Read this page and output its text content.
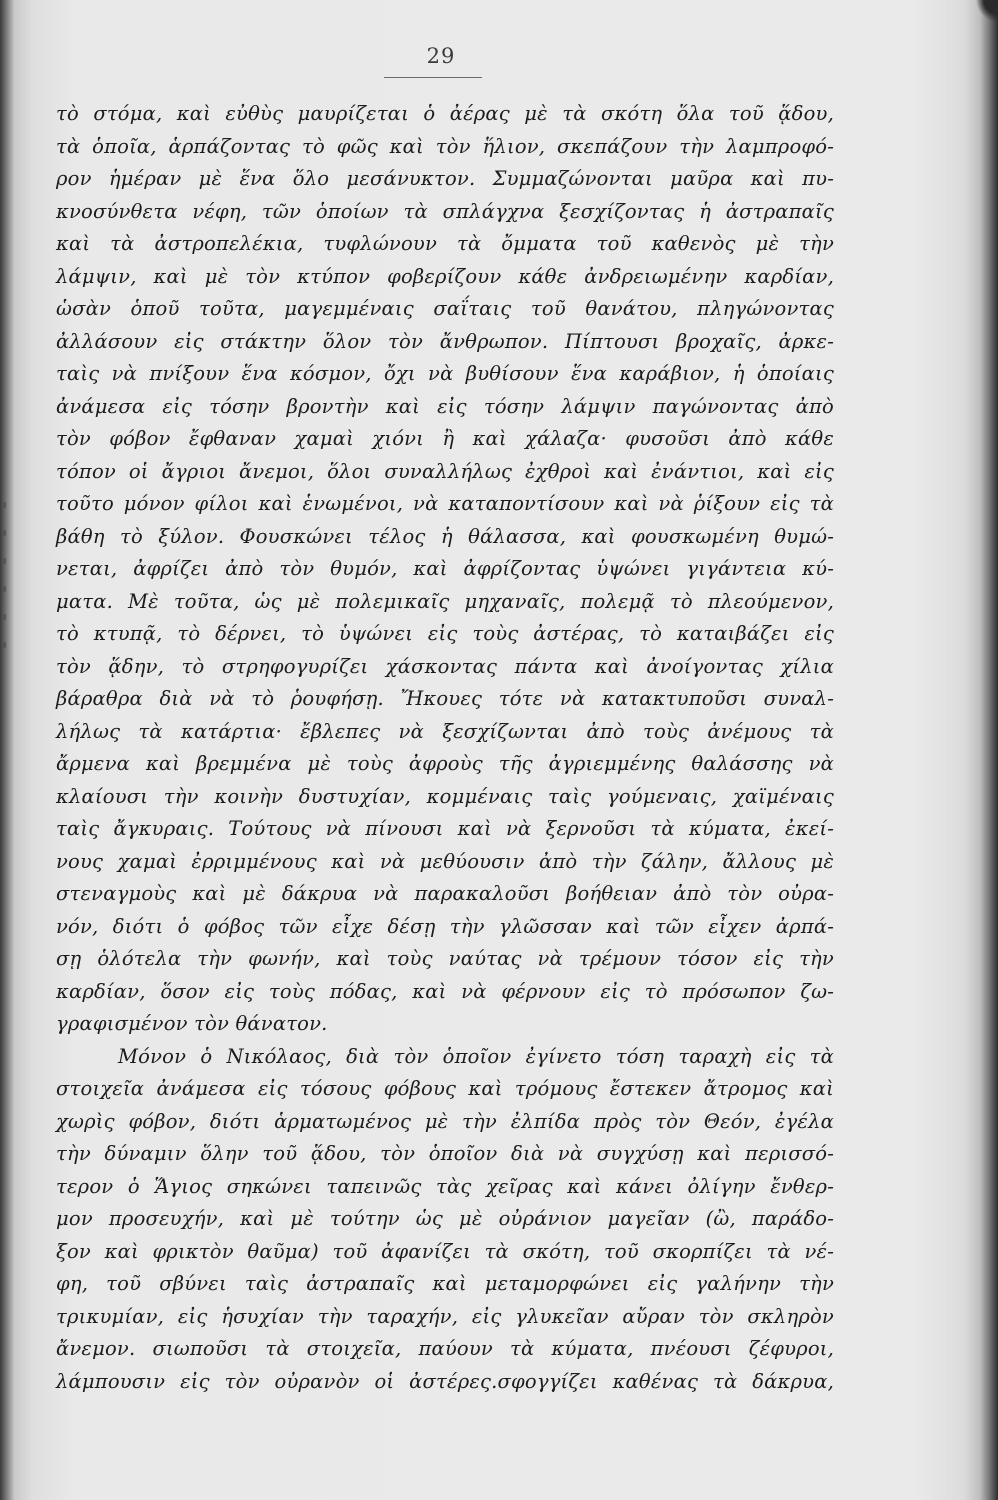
29
τὸ στόμα, καὶ εὐθὺς μαυρίζεται ὁ ἀέρας μὲ τὰ σκότη ὅλα τοῦ ᾅδου,
τὰ ὁποῖα, ἁρπάζοντας τὸ φῶς καὶ τὸν ἥλιον, σκεπάζουν τὴν λαμπροφό-
ρον ἡμέραν μὲ ἕνα ὅλο μεσάνυκτον. Συμμαζώνονται μαῦρα καὶ πυ-
κνοσύνθετα νέφη, τῶν ὁποίων τὰ σπλάγχνα ξεσχίζοντας ἡ ἀστραπαῖς
καὶ τὰ ἀστροπελέκια, τυφλώνουν τὰ ὄμματα τοῦ καθενὸς μὲ τὴν
λάμψιν, καὶ μὲ τὸν κτύπον φοβερίζουν κάθε ἀνδρειωμένην καρδίαν,
ὡσὰν ὁποῦ τοῦτα, μαγεμμέναις σαΐταις τοῦ θανάτου, πληγώνοντας
ἀλλάσουν εἰς στάκτην ὅλον τὸν ἄνθρωπον. Πίπτουσι βροχαῖς, ἀρκε-
ταὶς νὰ πνίξουν ἕνα κόσμον, ὄχι νὰ βυθίσουν ἕνα καράβιον, ἡ ὁποίαις
ἀνάμεσα εἰς τόσην βροντὴν καὶ εἰς τόσην λάμψιν παγώνοντας ἀπὸ
τὸν φόβον ἔφθαναν χαμαὶ χιόνι ἢ καὶ χάλαζα· φυσοῦσι ἀπὸ κάθε
τόπον οἱ ἄγριοι ἄνεμοι, ὅλοι συναλλήλως ἐχθροὶ καὶ ἐνάντιοι, καὶ εἰς
τοῦτο μόνον φίλοι καὶ ἑνωμένοι, νὰ καταποντίσουν καὶ νὰ ῥίξουν εἰς τὰ
βάθη τὸ ξύλον. Φουσκώνει τέλος ἡ θάλασσα, καὶ φουσκωμένη θυμώ-
νεται, ἀφρίζει ἀπὸ τὸν θυμόν, καὶ ἀφρίζοντας ὑψώνει γιγάντεια κύ-
ματα. Μὲ τοῦτα, ὡς μὲ πολεμικαῖς μηχαναῖς, πολεμᾷ τὸ πλεούμενον,
τὸ κτυπᾷ, τὸ δέρνει, τὸ ὑψώνει εἰς τοὺς ἀστέρας, τὸ καταιβάζει εἰς
τὸν ᾅδην, τὸ στρηφογυρίζει χάσκοντας πάντα καὶ ἀνοίγοντας χίλια
βάραθρα διὰ νὰ τὸ ῥουφήσῃ. Ἤκουες τότε νὰ κατακτυποῦσι συναλ-
λήλως τὰ κατάρτια· ἔβλεπες νὰ ξεσχίζωνται ἀπὸ τοὺς ἀνέμους τὰ
ἄρμενα καὶ βρεμμένα μὲ τοὺς ἀφροὺς τῆς ἀγριεμμένης θαλάσσης νὰ
κλαίουσι τὴν κοινὴν δυστυχίαν, κομμέναις ταὶς γούμεναις, χαϊμέναις
ταὶς ἄγκυραις. Τούτους νὰ πίνουσι καὶ νὰ ξερνοῦσι τὰ κύματα, ἐκεί-
νους χαμαὶ ἐρριμμένους καὶ νὰ μεθύουσιν ἀπὸ τὴν ζάλην, ἄλλους μὲ
στεναγμοὺς καὶ μὲ δάκρυα νὰ παρακαλοῦσι βοήθειαν ἀπὸ τὸν οὐρα-
νόν, διότι ὁ φόβος τῶν εἶχε δέσῃ τὴν γλῶσσαν καὶ τῶν εἶχεν ἀρπά-
σῃ ὁλότελα τὴν φωνήν, καὶ τοὺς ναύτας νὰ τρέμουν τόσον εἰς τὴν
καρδίαν, ὅσον εἰς τοὺς πόδας, καὶ νὰ φέρνουν εἰς τὸ πρόσωπον ζω-
γραφισμένον τὸν θάνατον.
Μόνον ὁ Νικόλαος, διὰ τὸν ὁποῖον ἐγίνετο τόση ταραχὴ εἰς τὰ
στοιχεῖα ἀνάμεσα εἰς τόσους φόβους καὶ τρόμους ἔστεκεν ἄτρομος καὶ
χωρὶς φόβον, διότι ἁρματωμένος μὲ τὴν ἐλπίδα πρὸς τὸν Θεόν, ἐγέλα
τὴν δύναμιν ὅλην τοῦ ᾅδου, τὸν ὁποῖον διὰ νὰ συγχύσῃ καὶ περισσό-
τερον ὁ Ἅγιος σηκώνει ταπεινῶς τὰς χεῖρας καὶ κάνει ὀλίγην ἔνθερ-
μον προσευχήν, καὶ μὲ τούτην ὡς μὲ οὐράνιον μαγεῖαν (ὢ, παράδο-
ξον καὶ φρικτὸν θαῦμα) τοῦ ἀφανίζει τὰ σκότη, τοῦ σκορπίζει τὰ νέ-
φη, τοῦ σβύνει ταὶς ἀστραπαῖς καὶ μεταμορφώνει εἰς γαλήνην τὴν
τρικυμίαν, εἰς ἡσυχίαν τὴν ταραχήν, εἰς γλυκεῖαν αὔραν τὸν σκληρὸν
ἄνεμον. σιωποῦσι τὰ στοιχεῖα, παύουν τὰ κύματα, πνέουσι ζέφυροι,
λάμπουσιν εἰς τὸν οὐρανὸν οἱ ἀστέρες.σφογγίζει καθένας τὰ δάκρυα,
